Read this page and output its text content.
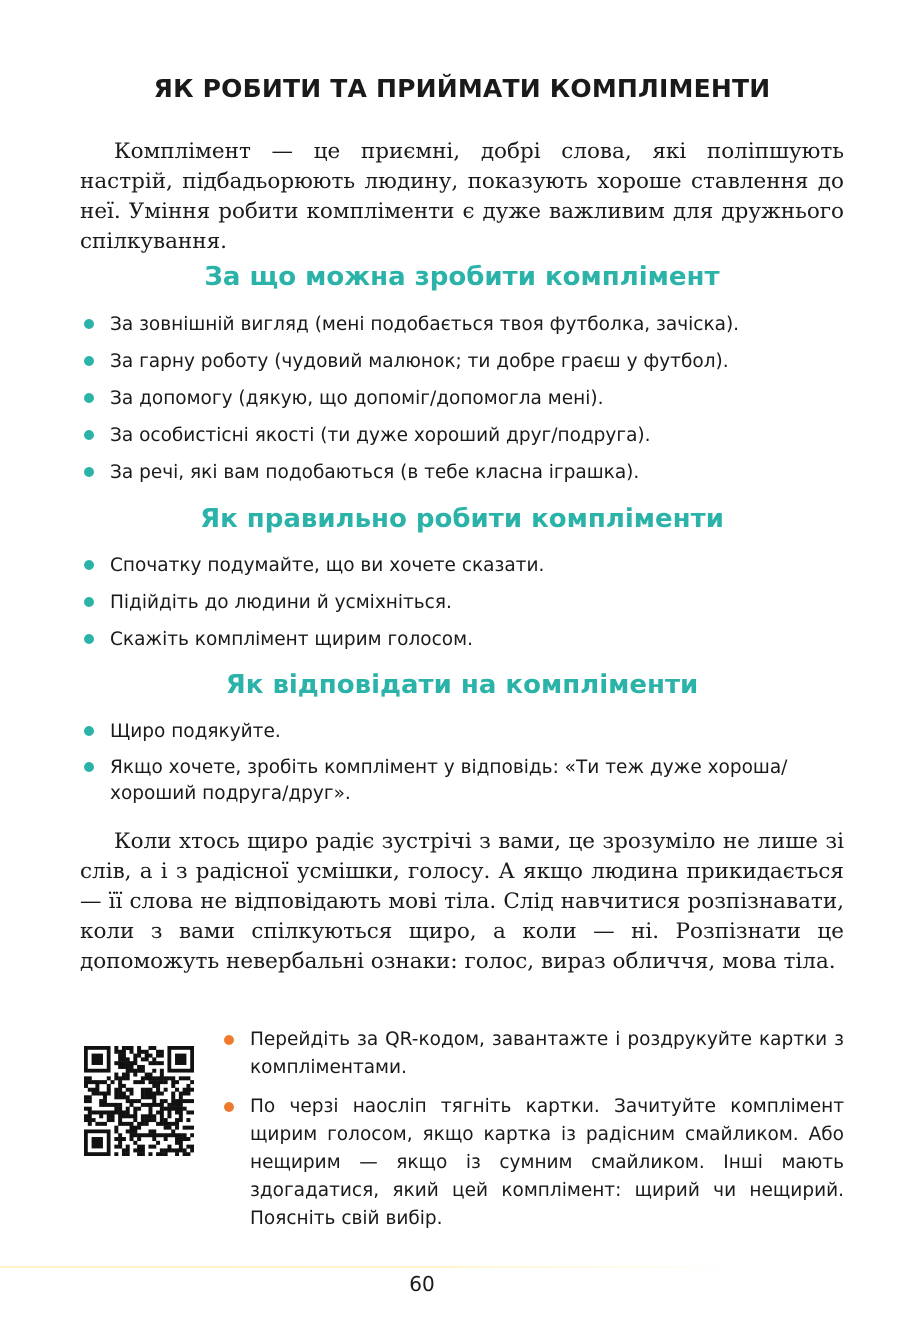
ЯК РОБИТИ ТА ПРИЙМАТИ КОМПЛІМЕНТИ
Комплімент — це приємні, добрі слова, які поліпшують настрій, підбадьорюють людину, показують хороше ставлення до неї. Уміння робити компліменти є дуже важливим для дружнього спілкування.
За що можна зробити комплімент
За зовнішній вигляд (мені подобається твоя футболка, зачіска).
За гарну роботу (чудовий малюнок; ти добре граєш у футбол).
За допомогу (дякую, що допоміг/допомогла мені).
За особистісні якості (ти дуже хороший друг/подруга).
За речі, які вам подобаються (в тебе класна іграшка).
Як правильно робити компліменти
Спочатку подумайте, що ви хочете сказати.
Підійдіть до людини й усміхніться.
Скажіть комплімент щирим голосом.
Як відповідати на компліменти
Щиро подякуйте.
Якщо хочете, зробіть комплімент у відповідь: «Ти теж дуже хороша/хороший подруга/друг».
Коли хтось щиро радіє зустрічі з вами, це зрозуміло не лише зі слів, а і з радісної усмішки, голосу. А якщо людина прикидається — її слова не відповідають мові тіла. Слід навчитися розпізнавати, коли з вами спілкуються щиро, а коли — ні. Розпізнати це допоможуть невербальні ознаки: голос, вираз обличчя, мова тіла.
Перейдіть за QR-кодом, завантажте і роздрукуйте картки з компліментами.
По черзі наосліп тягніть картки. Зачитуйте комплімент щирим голосом, якщо картка із радісним смайликом. Або нещирим — якщо із сумним смайликом. Інші мають здогадатися, який цей комплімент: щирий чи нещирий. Поясніть свій вибір.
60
